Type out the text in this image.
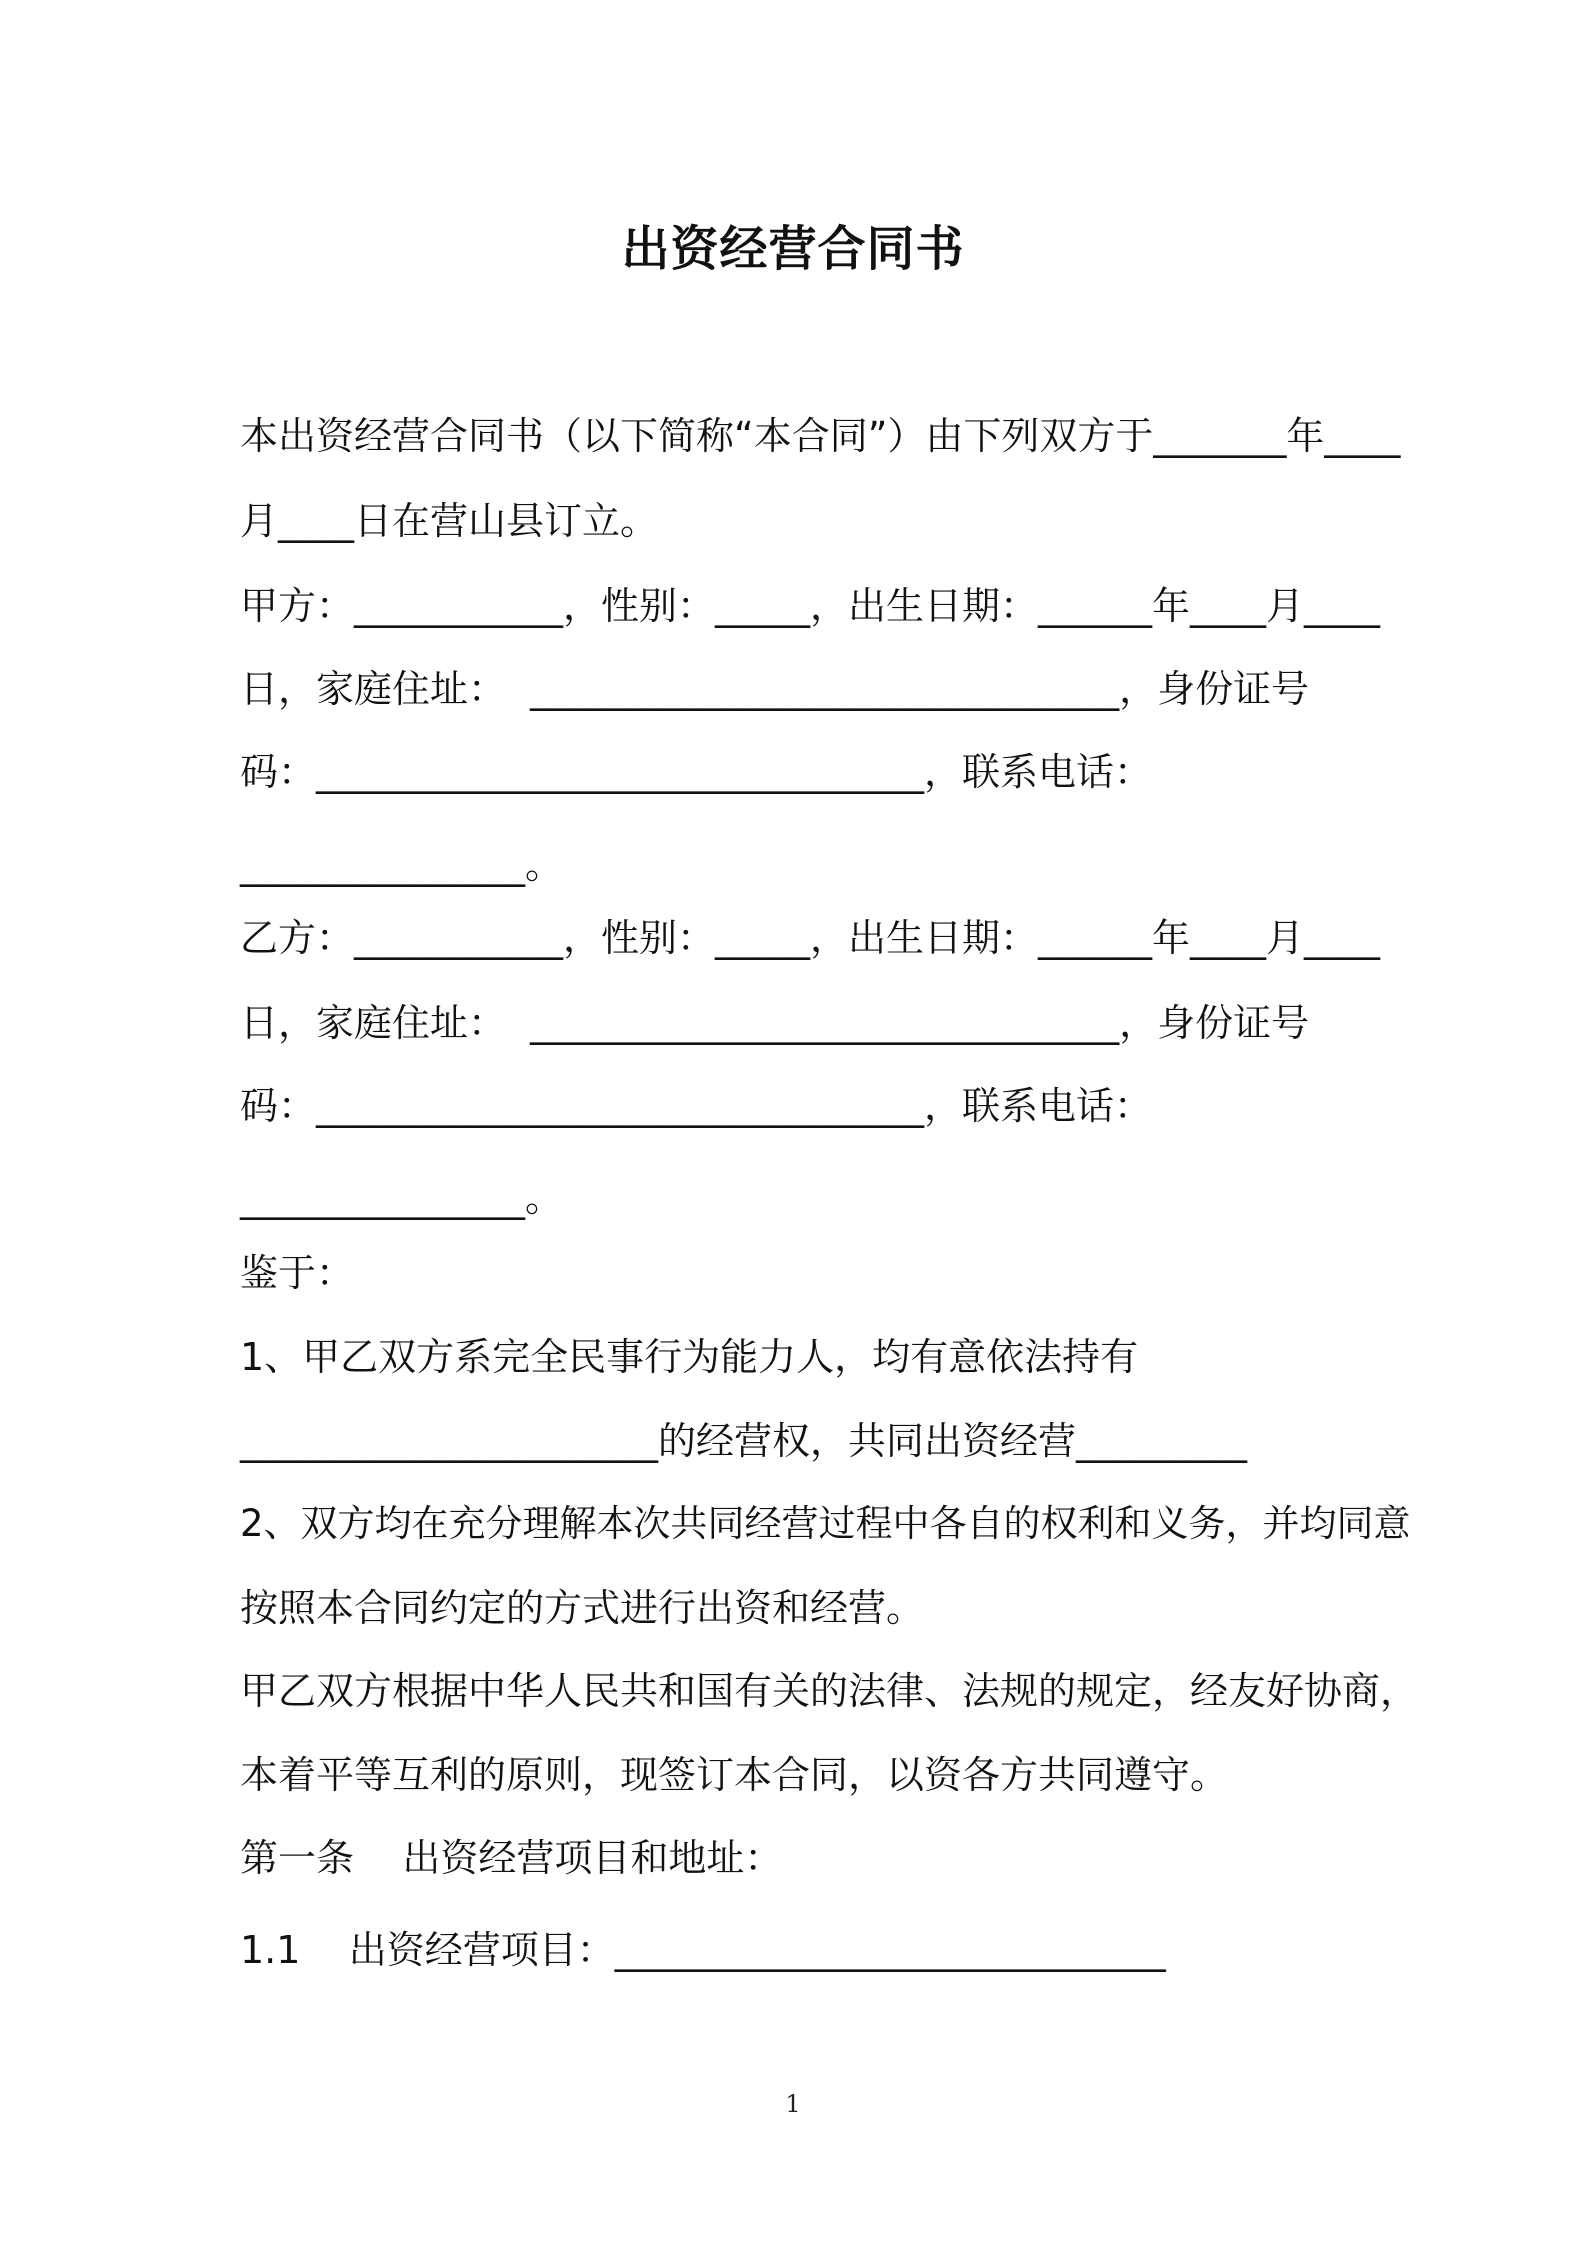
出资经营合同书
本出资经营合同书（以下简称“本合同”）由下列双方于_______年____
月____日在营山县订立。
甲方：___________，性别：_____，出生日期：______年____月____
日，家庭住址：  _______________________________，身份证号
码：________________________________，联系电话：
_______________。
乙方：___________，性别：_____，出生日期：______年____月____
日，家庭住址：  _______________________________，身份证号
码：________________________________，联系电话：
_______________。
鉴于：
1、甲乙双方系完全民事行为能力人，均有意依法持有
______________________的经营权，共同出资经营_________
2、双方均在充分理解本次共同经营过程中各自的权利和义务，并均同意
按照本合同约定的方式进行出资和经营。
甲乙双方根据中华人民共和国有关的法律、法规的规定，经友好协商，
本着平等互利的原则，现签订本合同，以资各方共同遵守。
第一条    出资经营项目和地址：
1.1    出资经营项目：_____________________________
1
